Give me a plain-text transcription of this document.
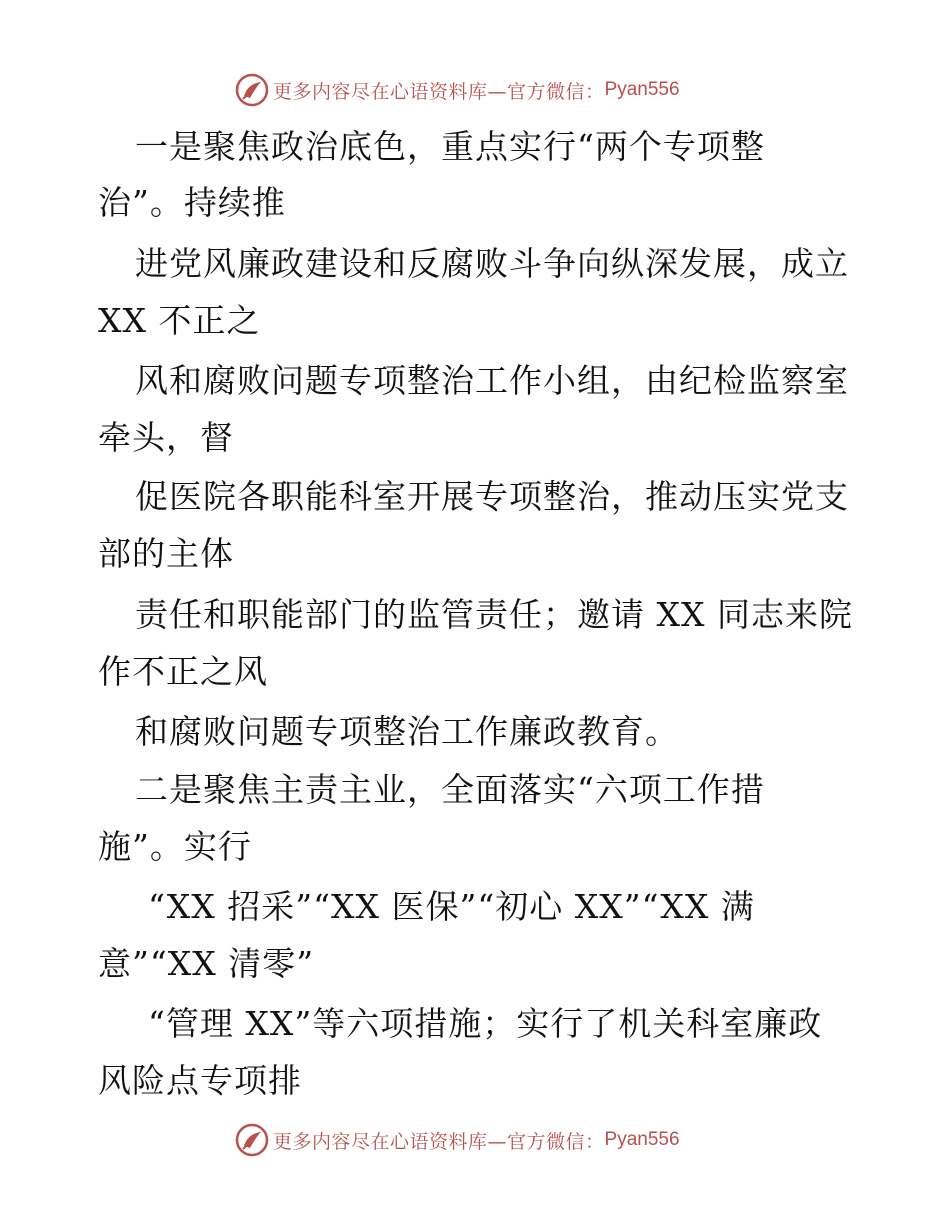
更多内容尽在心语资料库—官方微信： Pyan556
一是聚焦政治底色，重点实行“两个专项整
治”。持续推
进党风廉政建设和反腐败斗争向纵深发展，成立
XX 不正之
风和腐败问题专项整治工作小组，由纪检监察室
牵头，督
促医院各职能科室开展专项整治，推动压实党支
部的主体
责任和职能部门的监管责任；邀请 XX 同志来院
作不正之风
和腐败问题专项整治工作廉政教育。
二是聚焦主责主业，全面落实“六项工作措
施”。实行
“XX 招采”“XX 医保”“初心 XX”“XX 满
意”“XX 清零”
“管理 XX”等六项措施；实行了机关科室廉政
风险点专项排
更多内容尽在心语资料库—官方微信： Pyan556
